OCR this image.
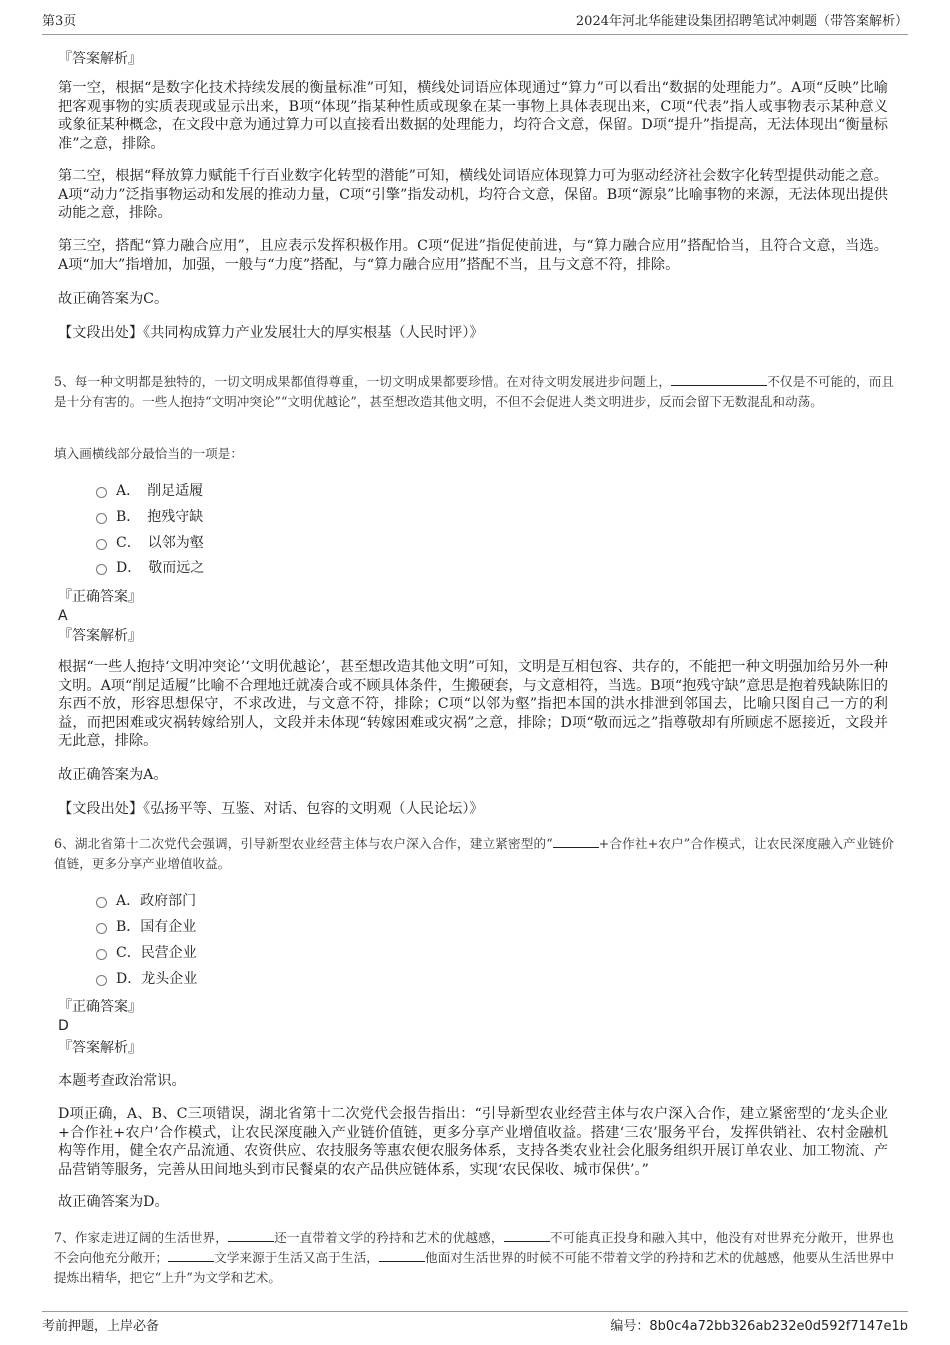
第3页	2024年河北华能建设集团招聘笔试冲刺题（带答案解析）

『答案解析』

第一空，根据“是数字化技术持续发展的衡量标准”可知，横线处词语应体现通过“算力”可以看出“数据的处理能力”。A项“反映”比喻把客观事物的实质表现或显示出来，B项“体现”指某种性质或现象在某一事物上具体表现出来，C项“代表”指人或事物表示某种意义或象征某种概念，在文段中意为通过算力可以直接看出数据的处理能力，均符合文意，保留。D项“提升”指提高，无法体现出“衡量标准”之意，排除。

第二空，根据“释放算力赋能千行百业数字化转型的潜能”可知，横线处词语应体现算力可为驱动经济社会数字化转型提供动能之意。A项“动力”泛指事物运动和发展的推动力量，C项“引擎”指发动机，均符合文意，保留。B项“源泉”比喻事物的来源，无法体现出提供动能之意，排除。

第三空，搭配“算力融合应用”，且应表示发挥积极作用。C项“促进”指促使前进，与“算力融合应用”搭配恰当，且符合文意，当选。A项“加大”指增加，加强，一般与“力度”搭配，与“算力融合应用”搭配不当，且与文意不符，排除。

故正确答案为C。

【文段出处】《共同构成算力产业发展壮大的厚实根基（人民时评）》

5、每一种文明都是独特的，一切文明成果都值得尊重，一切文明成果都要珍惜。在对待文明发展进步问题上，	不仅是不可能的，而且是十分有害的。一些人抱持“文明冲突论”“文明优越论”，甚至想改造其他文明，不但不会促进人类文明进步，反而会留下无数混乱和动荡。

填入画横线部分最恰当的一项是：

A．　削足适履
B．　抱残守缺
C．　以邻为壑
D．　敬而远之

『正确答案』

A

『答案解析』

根据“一些人抱持‘文明冲突论’‘文明优越论’，甚至想改造其他文明”可知，文明是互相包容、共存的，不能把一种文明强加给另外一种文明。A项“削足适履”比喻不合理地迁就凑合或不顾具体条件，生搬硬套，与文意相符，当选。B项“抱残守缺”意思是抱着残缺陈旧的东西不放，形容思想保守，不求改进，与文意不符，排除；C项“以邻为壑”指把本国的洪水排泄到邻国去，比喻只图自己一方的利益，而把困难或灾祸转嫁给别人，文段并未体现“转嫁困难或灾祸”之意，排除；D项“敬而远之”指尊敬却有所顾虑不愿接近，文段并无此意，排除。

故正确答案为A。

【文段出处】《弘扬平等、互鉴、对话、包容的文明观（人民论坛）》

6、湖北省第十二次党代会强调，引导新型农业经营主体与农户深入合作，建立紧密型的“	+合作社+农户”合作模式，让农民深度融入产业链价值链，更多分享产业增值收益。

A．政府部门
B．国有企业
C．民营企业
D．龙头企业

『正确答案』

D

『答案解析』

本题考查政治常识。

D项正确，A、B、C三项错误，湖北省第十二次党代会报告指出：“引导新型农业经营主体与农户深入合作，建立紧密型的‘龙头企业+合作社+农户’合作模式，让农民深度融入产业链价值链，更多分享产业增值收益。搭建‘三农’服务平台，发挥供销社、农村金融机构等作用，健全农产品流通、农资供应、农技服务等惠农便农服务体系，支持各类农业社会化服务组织开展订单农业、加工物流、产品营销等服务，完善从田间地头到市民餐桌的农产品供应链体系，实现‘农民保收、城市保供’。”

故正确答案为D。

7、作家走进辽阔的生活世界，	还一直带着文学的矜持和艺术的优越感，	不可能真正投身和融入其中，他没有对世界充分敞开，世界也不会向他充分敞开；	文学来源于生活又高于生活，	他面对生活世界的时候不可能不带着文学的矜持和艺术的优越感，他要从生活世界中提炼出精华，把它“上升”为文学和艺术。

考前押题，上岸必备	编号：8b0c4a72bb326ab232e0d592f7147e1b
